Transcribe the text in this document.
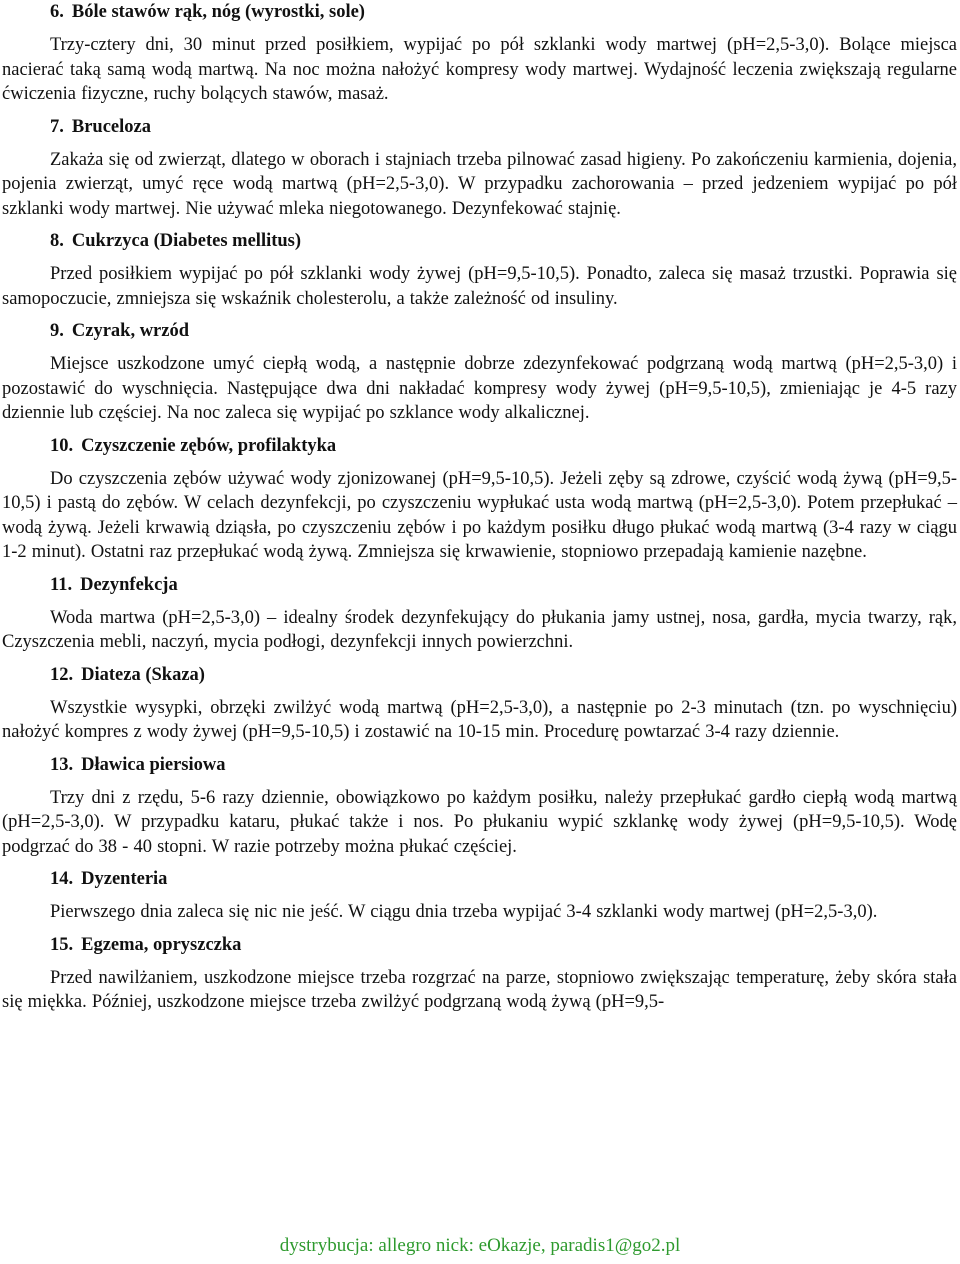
6. Bóle stawów rąk, nóg (wyrostki, sole)

Trzy-cztery dni, 30 minut przed posiłkiem, wypijać po pół szklanki wody martwej (pH=2,5-3,0). Bolące miejsca nacierać taką samą wodą martwą. Na noc można nałożyć kompresy wody martwej. Wydajność leczenia zwiększają regularne ćwiczenia fizyczne, ruchy bolących stawów, masaż.

7. Bruceloza

Zakaża się od zwierząt, dlatego w oborach i stajniach trzeba pilnować zasad higieny. Po zakończeniu karmienia, dojenia, pojenia zwierząt, umyć ręce wodą martwą (pH=2,5-3,0). W przypadku zachorowania – przed jedzeniem wypijać po pół szklanki wody martwej. Nie używać mleka niegotowanego. Dezynfekować stajnię.

8. Cukrzyca (Diabetes mellitus)

Przed posiłkiem wypijać po pół szklanki wody żywej (pH=9,5-10,5). Ponadto, zaleca się masaż trzustki. Poprawia się samopoczucie, zmniejsza się wskaźnik cholesterolu, a także zależność od insuliny.

9. Czyrak, wrzód

Miejsce uszkodzone umyć ciepłą wodą, a następnie dobrze zdezynfekować podgrzaną wodą martwą (pH=2,5-3,0) i pozostawić do wyschnięcia. Następujące dwa dni nakładać kompresy wody żywej (pH=9,5-10,5), zmieniając je 4-5 razy dziennie lub częściej. Na noc zaleca się wypijać po szklance wody alkalicznej.

10. Czyszczenie zębów, profilaktyka

Do czyszczenia zębów używać wody zjonizowanej (pH=9,5-10,5). Jeżeli zęby są zdrowe, czyścić wodą żywą (pH=9,5-10,5) i pastą do zębów. W celach dezynfekcji, po czyszczeniu wypłukać usta wodą martwą (pH=2,5-3,0). Potem przepłukać – wodą żywą. Jeżeli krwawią dziąsła, po czyszczeniu zębów i po każdym posiłku długo płukać wodą martwą (3-4 razy w ciągu 1-2 minut). Ostatni raz przepłukać wodą żywą. Zmniejsza się krwawienie, stopniowo przepadają kamienie nazębne.

11. Dezynfekcja

Woda martwa (pH=2,5-3,0) – idealny środek dezynfekujący do płukania jamy ustnej, nosa, gardła, mycia twarzy, rąk, Czyszczenia mebli, naczyń, mycia podłogi, dezynfekcji innych powierzchni.

12. Diateza (Skaza)

Wszystkie wysypki, obrzęki zwilżyć wodą martwą (pH=2,5-3,0), a następnie po 2-3 minutach (tzn. po wyschnięciu) nałożyć kompres z wody żywej (pH=9,5-10,5) i zostawić na 10-15 min. Procedurę powtarzać 3-4 razy dziennie.

13. Dławica piersiowa

Trzy dni z rzędu, 5-6 razy dziennie, obowiązkowo po każdym posiłku, należy przepłukać gardło ciepłą wodą martwą (pH=2,5-3,0). W przypadku kataru, płukać także i nos. Po płukaniu wypić szklankę wody żywej (pH=9,5-10,5). Wodę podgrzać do 38 - 40 stopni. W razie potrzeby można płukać częściej.

14. Dyzenteria

Pierwszego dnia zaleca się nic nie jeść. W ciągu dnia trzeba wypijać 3-4 szklanki wody martwej (pH=2,5-3,0).

15. Egzema, opryszczka

Przed nawilżaniem, uszkodzone miejsce trzeba rozgrzać na parze, stopniowo zwiększając temperaturę, żeby skóra stała się miękka. Później, uszkodzone miejsce trzeba zwilżyć podgrzaną wodą żywą (pH=9,5-

dystrybucja: allegro nick: eOkazje, paradis1@go2.pl
